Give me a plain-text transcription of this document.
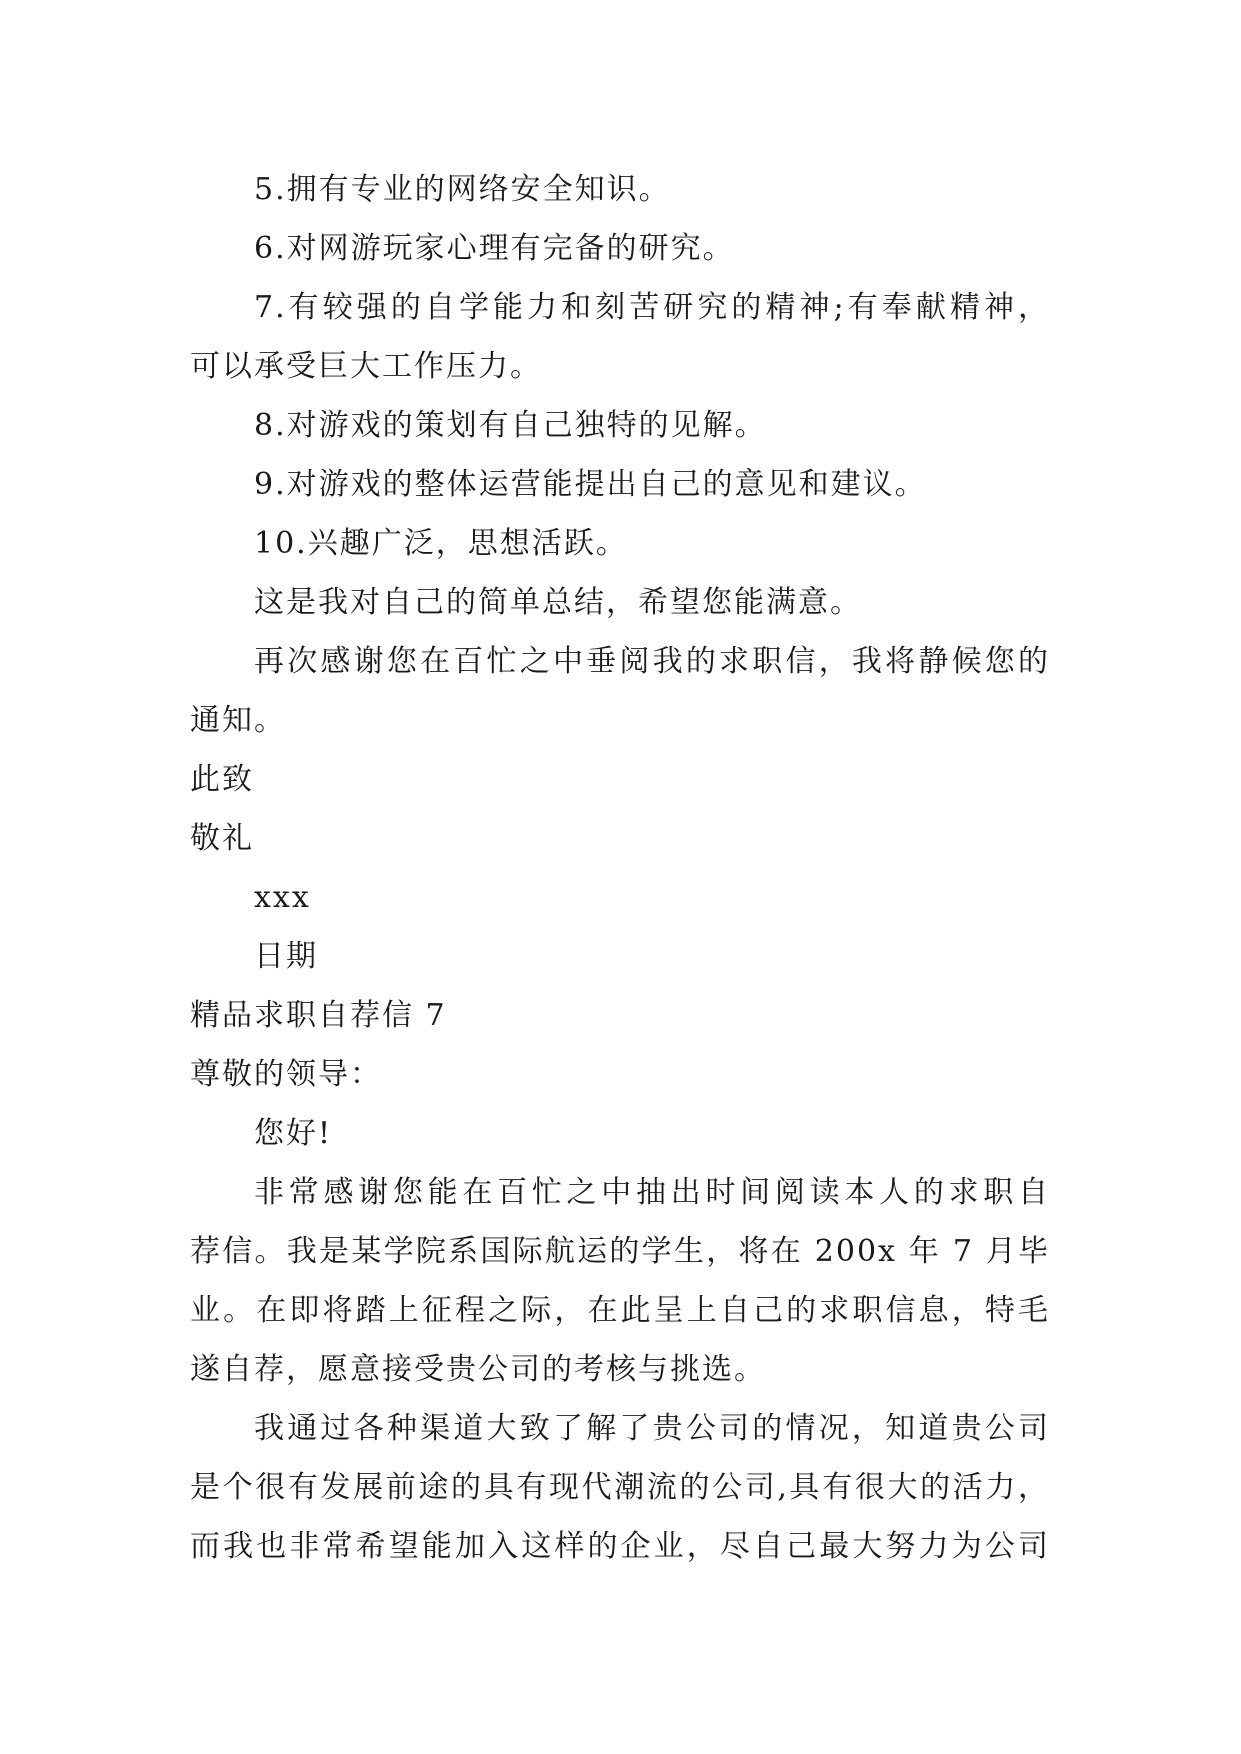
5.拥有专业的网络安全知识。
6.对网游玩家心理有完备的研究。
7.有较强的自学能力和刻苦研究的精神;有奉献精神，
可以承受巨大工作压力。
8.对游戏的策划有自己独特的见解。
9.对游戏的整体运营能提出自己的意见和建议。
10.兴趣广泛，思想活跃。
这是我对自己的简单总结，希望您能满意。
再次感谢您在百忙之中垂阅我的求职信，我将静候您的
通知。
此致
敬礼
xxx
日期
精品求职自荐信 7
尊敬的领导：
您好!
非常感谢您能在百忙之中抽出时间阅读本人的求职自
荐信。我是某学院系国际航运的学生，将在 200x 年 7 月毕
业。在即将踏上征程之际，在此呈上自己的求职信息，特毛
遂自荐，愿意接受贵公司的考核与挑选。
我通过各种渠道大致了解了贵公司的情况，知道贵公司
是个很有发展前途的具有现代潮流的公司,具有很大的活力，
而我也非常希望能加入这样的企业，尽自己最大努力为公司
